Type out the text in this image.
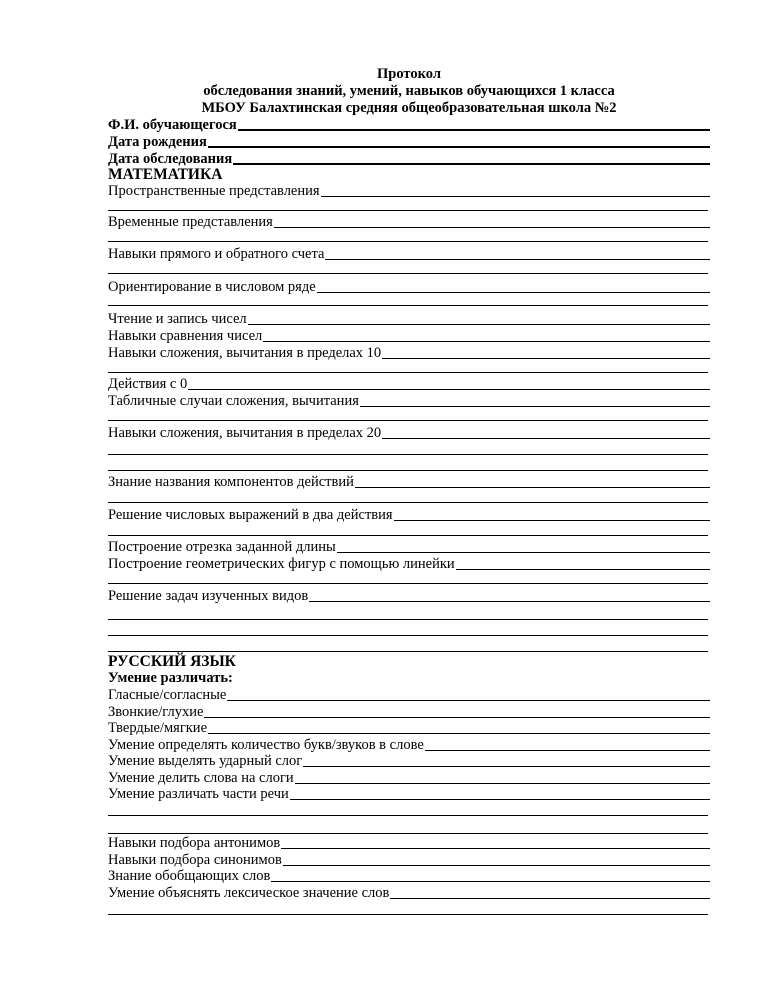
Протокол
обследования знаний, умений, навыков обучающихся 1 класса
МБОУ Балахтинская средняя общеобразовательная школа №2
Ф.И. обучающегося
Дата рождения
Дата обследования
МАТЕМАТИКА
Пространственные представления
Временные представления
Навыки прямого и обратного счета
Ориентирование в числовом ряде
Чтение и запись чисел
Навыки сравнения чисел
Навыки сложения, вычитания в пределах 10
Действия с 0
Табличные случаи сложения, вычитания
Навыки сложения, вычитания в пределах 20
Знание названия компонентов действий
Решение числовых выражений в два действия
Построение отрезка заданной длины
Построение геометрических фигур с помощью линейки
Решение задач изученных видов
РУССКИЙ ЯЗЫК
Умение различать:
Гласные/согласные
Звонкие/глухие
Твердые/мягкие
Умение определять количество букв/звуков в слове
Умение выделять ударный слог
Умение делить слова на слоги
Умение различать части речи
Навыки подбора антонимов
Навыки подбора синонимов
Знание обобщающих слов
Умение объяснять лексическое значение слов
